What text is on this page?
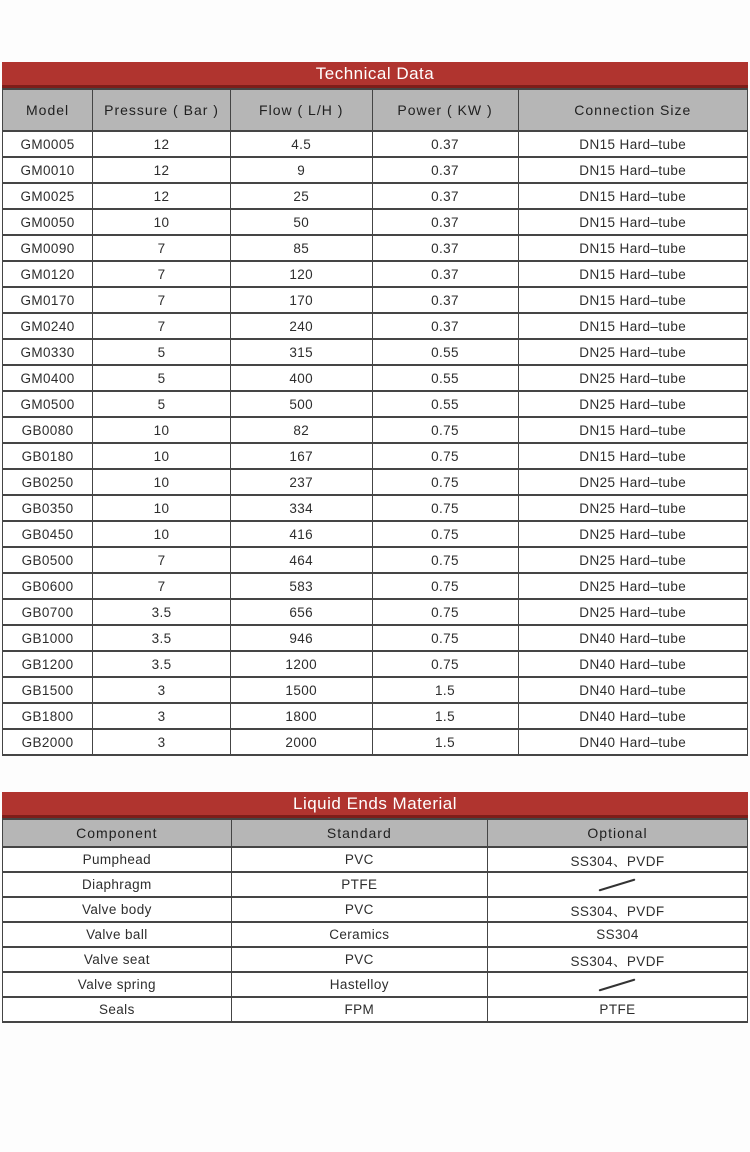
Technical Data
Model	Pressure ( Bar )	Flow ( L/H )	Power ( KW )	Connection Size
GM0005	12	4.5	0.37	DN15 Hard–tube
GM0010	12	9	0.37	DN15 Hard–tube
GM0025	12	25	0.37	DN15 Hard–tube
GM0050	10	50	0.37	DN15 Hard–tube
GM0090	7	85	0.37	DN15 Hard–tube
GM0120	7	120	0.37	DN15 Hard–tube
GM0170	7	170	0.37	DN15 Hard–tube
GM0240	7	240	0.37	DN15 Hard–tube
GM0330	5	315	0.55	DN25 Hard–tube
GM0400	5	400	0.55	DN25 Hard–tube
GM0500	5	500	0.55	DN25 Hard–tube
GB0080	10	82	0.75	DN15 Hard–tube
GB0180	10	167	0.75	DN15 Hard–tube
GB0250	10	237	0.75	DN25 Hard–tube
GB0350	10	334	0.75	DN25 Hard–tube
GB0450	10	416	0.75	DN25 Hard–tube
GB0500	7	464	0.75	DN25 Hard–tube
GB0600	7	583	0.75	DN25 Hard–tube
GB0700	3.5	656	0.75	DN25 Hard–tube
GB1000	3.5	946	0.75	DN40 Hard–tube
GB1200	3.5	1200	0.75	DN40 Hard–tube
GB1500	3	1500	1.5	DN40 Hard–tube
GB1800	3	1800	1.5	DN40 Hard–tube
GB2000	3	2000	1.5	DN40 Hard–tube
Liquid Ends Material
Component	Standard	Optional
Pumphead	PVC	SS304、PVDF
Diaphragm	PTFE	
Valve body	PVC	SS304、PVDF
Valve ball	Ceramics	SS304
Valve seat	PVC	SS304、PVDF
Valve spring	Hastelloy	
Seals	FPM	PTFE
